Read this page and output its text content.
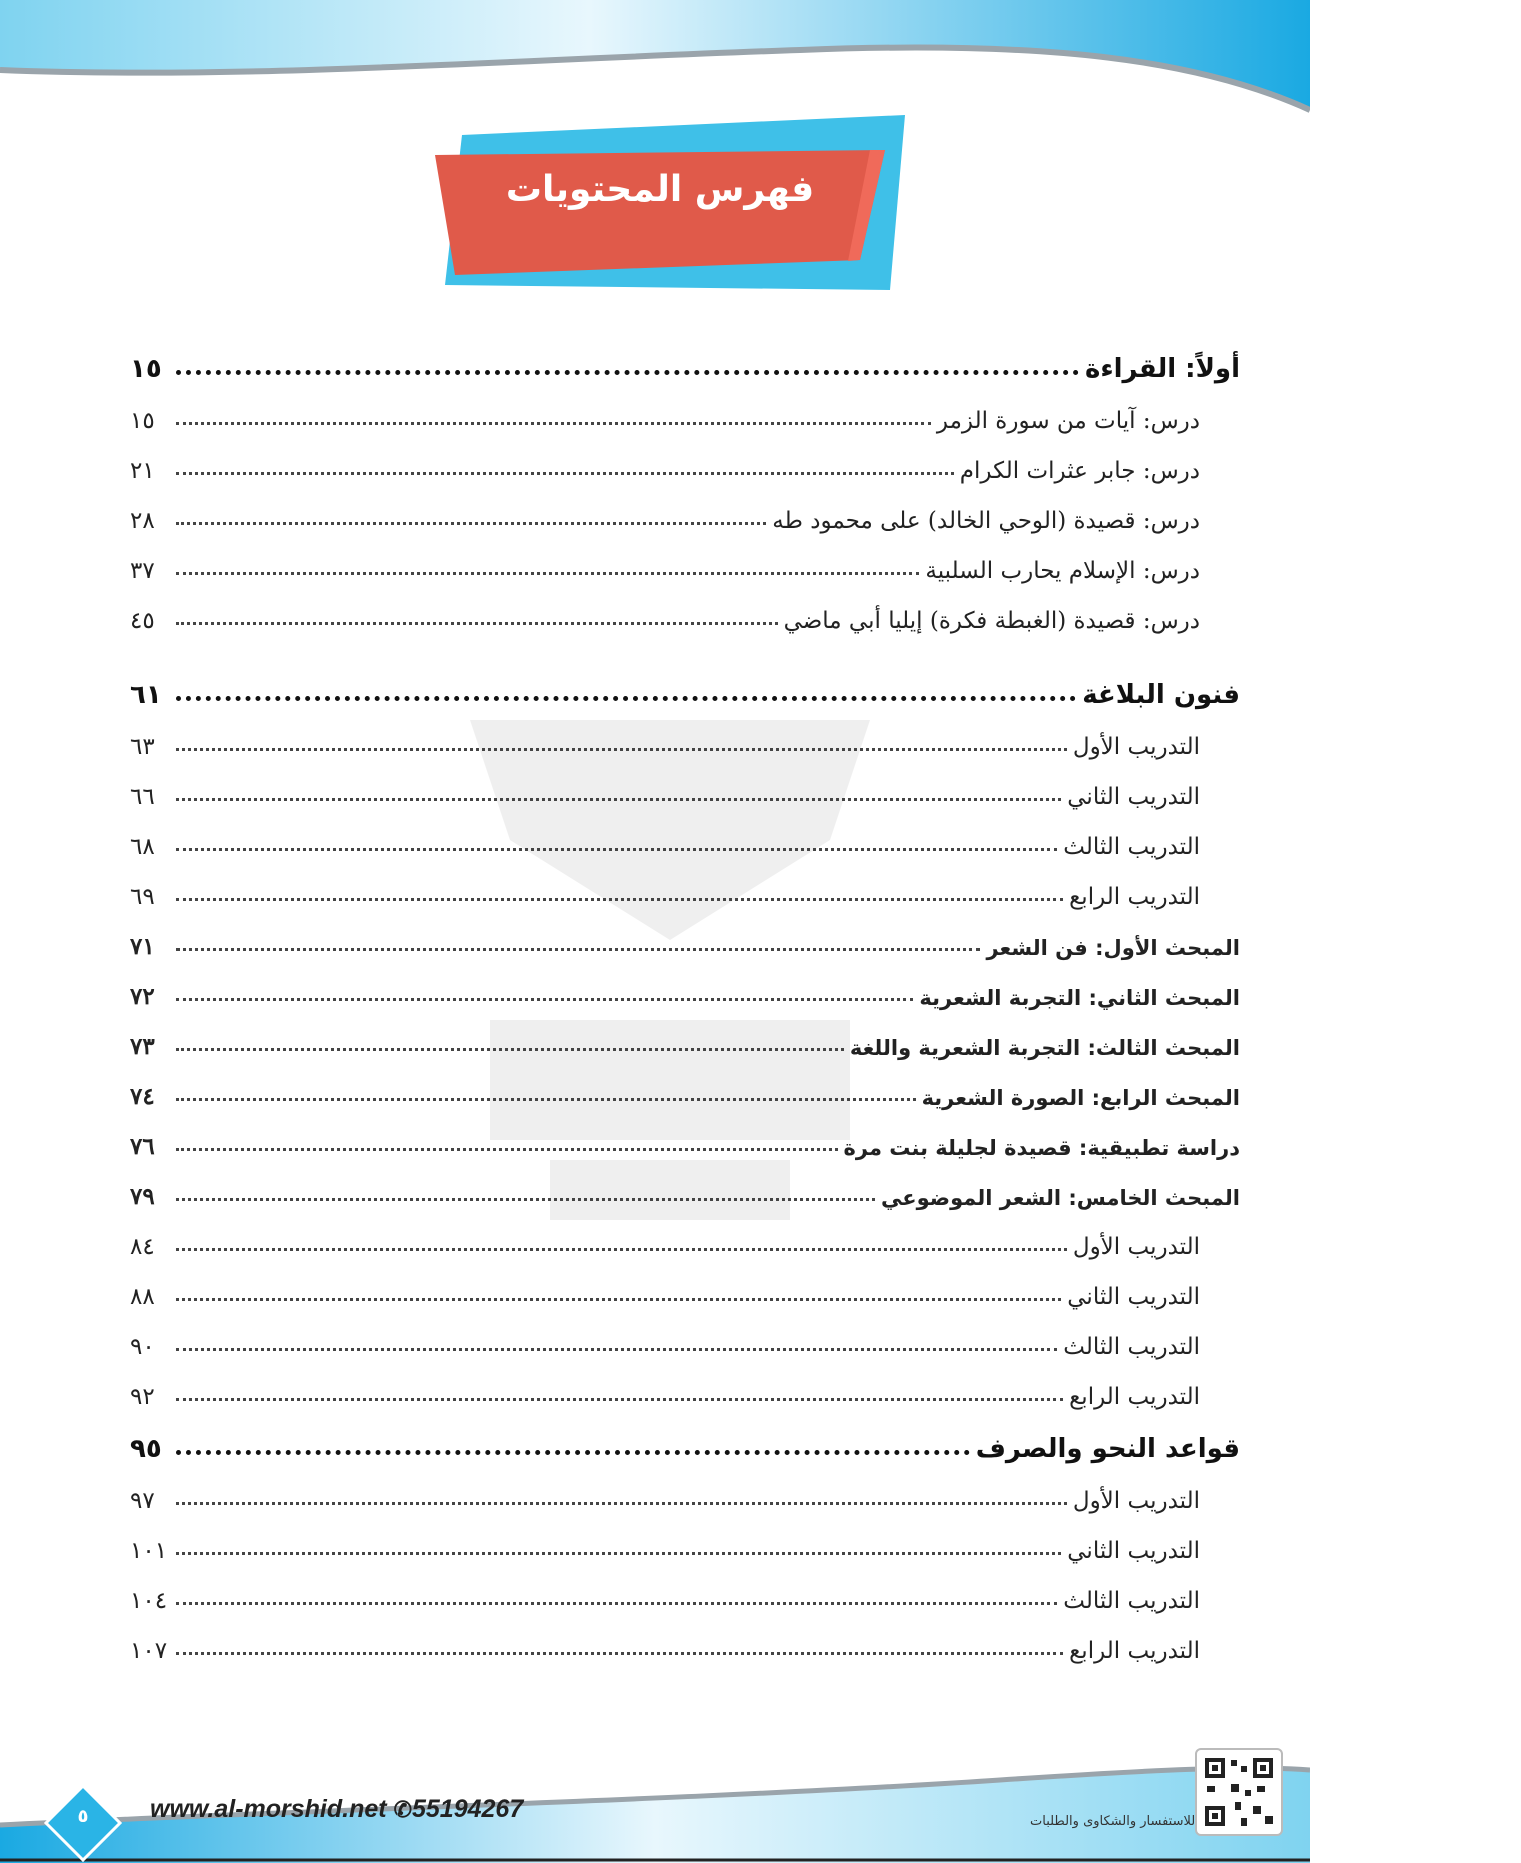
فهرس المحتويات
أولاً: القراءة
١٥
درس: آيات من سورة الزمر
١٥
درس: جابر عثرات الكرام
٢١
درس: قصيدة (الوحي الخالد) على محمود طه
٢٨
درس: الإسلام يحارب السلبية
٣٧
درس: قصيدة (الغبطة فكرة) إيليا أبي ماضي
٤٥
فنون البلاغة
٦١
التدريب الأول
٦٣
التدريب الثاني
٦٦
التدريب الثالث
٦٨
التدريب الرابع
٦٩
المبحث الأول: فن الشعر
٧١
المبحث الثاني: التجربة الشعرية
٧٢
المبحث الثالث: التجربة الشعرية واللغة
٧٣
المبحث الرابع: الصورة الشعرية
٧٤
دراسة تطبيقية: قصيدة لجليلة بنت مرة
٧٦
المبحث الخامس: الشعر الموضوعي
٧٩
التدريب الأول
٨٤
التدريب الثاني
٨٨
التدريب الثالث
٩٠
التدريب الرابع
٩٢
قواعد النحو والصرف
٩٥
التدريب الأول
٩٧
التدريب الثاني
١٠١
التدريب الثالث
١٠٤
التدريب الرابع
١٠٧
٥	www.al-morshid.net ✆55194267	للاستفسار والشكاوى والطلبات
